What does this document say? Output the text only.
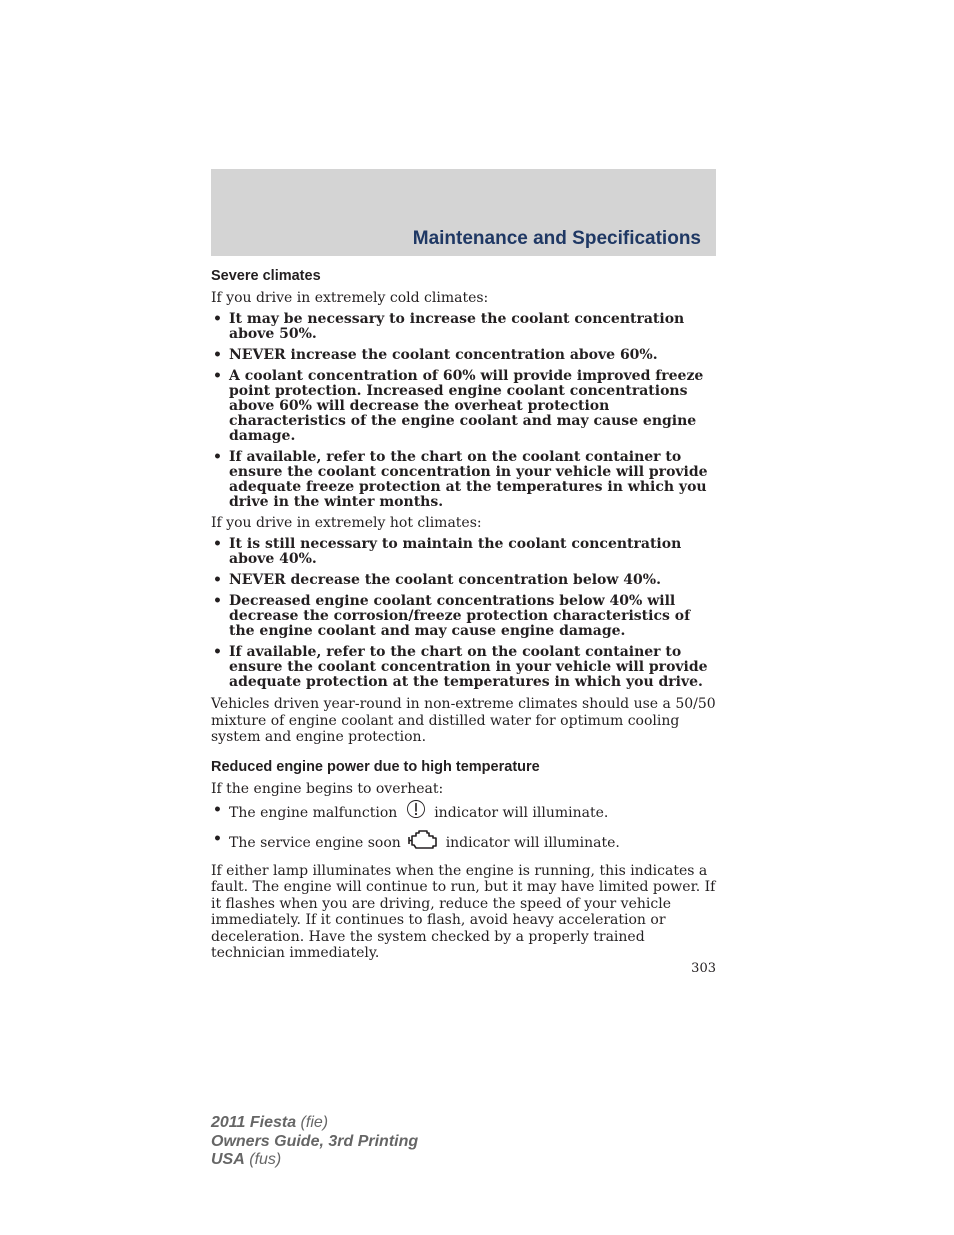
Maintenance and Specifications
Severe climates

If you drive in extremely cold climates:

• It may be necessary to increase the coolant concentration above 50%.
• NEVER increase the coolant concentration above 60%.
• A coolant concentration of 60% will provide improved freeze point protection. Increased engine coolant concentrations above 60% will decrease the overheat protection characteristics of the engine coolant and may cause engine damage.
• If available, refer to the chart on the coolant container to ensure the coolant concentration in your vehicle will provide adequate freeze protection at the temperatures in which you drive in the winter months.

If you drive in extremely hot climates:

• It is still necessary to maintain the coolant concentration above 40%.
• NEVER decrease the coolant concentration below 40%.
• Decreased engine coolant concentrations below 40% will decrease the corrosion/freeze protection characteristics of the engine coolant and may cause engine damage.
• If available, refer to the chart on the coolant container to ensure the coolant concentration in your vehicle will provide adequate protection at the temperatures in which you drive.

Vehicles driven year-round in non-extreme climates should use a 50/50 mixture of engine coolant and distilled water for optimum cooling system and engine protection.

Reduced engine power due to high temperature

If the engine begins to overheat:

• The engine malfunction	indicator will illuminate.
• The service engine soon	indicator will illuminate.

If either lamp illuminates when the engine is running, this indicates a fault. The engine will continue to run, but it may have limited power. If it flashes when you are driving, reduce the speed of your vehicle immediately. If it continues to flash, avoid heavy acceleration or deceleration. Have the system checked by a properly trained technician immediately.

303
2011 Fiesta (fie)
Owners Guide, 3rd Printing
USA (fus)
